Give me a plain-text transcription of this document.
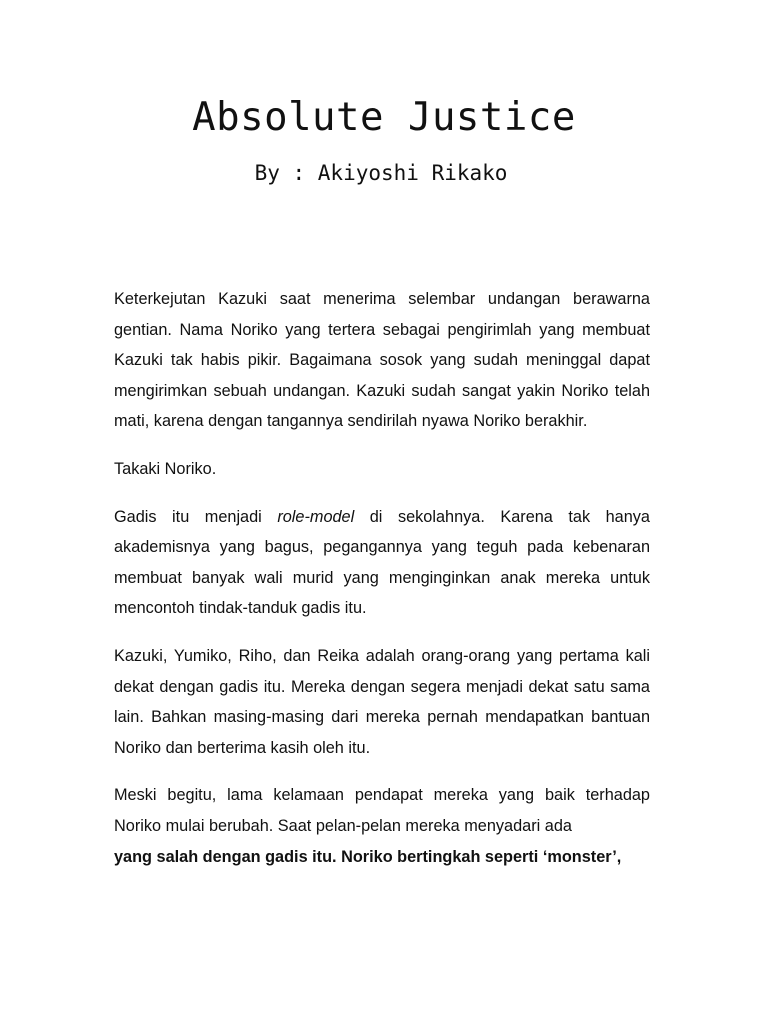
Absolute Justice
By : Akiyoshi Rikako

Keterkejutan Kazuki saat menerima selembar undangan berawarna gentian. Nama Noriko yang tertera sebagai pengirimlah yang membuat Kazuki tak habis pikir. Bagaimana sosok yang sudah meninggal dapat mengirimkan sebuah undangan. Kazuki sudah sangat yakin Noriko telah mati, karena dengan tangannya sendirilah nyawa Noriko berakhir.

Takaki Noriko.

Gadis itu menjadi role-model di sekolahnya. Karena tak hanya akademisnya yang bagus, pegangannya yang teguh pada kebenaran membuat banyak wali murid yang menginginkan anak mereka untuk mencontoh tindak-tanduk gadis itu.

Kazuki, Yumiko, Riho, dan Reika adalah orang-orang yang pertama kali dekat dengan gadis itu. Mereka dengan segera menjadi dekat satu sama lain. Bahkan masing-masing dari mereka pernah mendapatkan bantuan Noriko dan berterima kasih oleh itu.

Meski begitu, lama kelamaan pendapat mereka yang baik terhadap Noriko mulai berubah. Saat pelan-pelan mereka menyadari ada

yang salah dengan gadis itu. Noriko bertingkah seperti ‘monster’,
